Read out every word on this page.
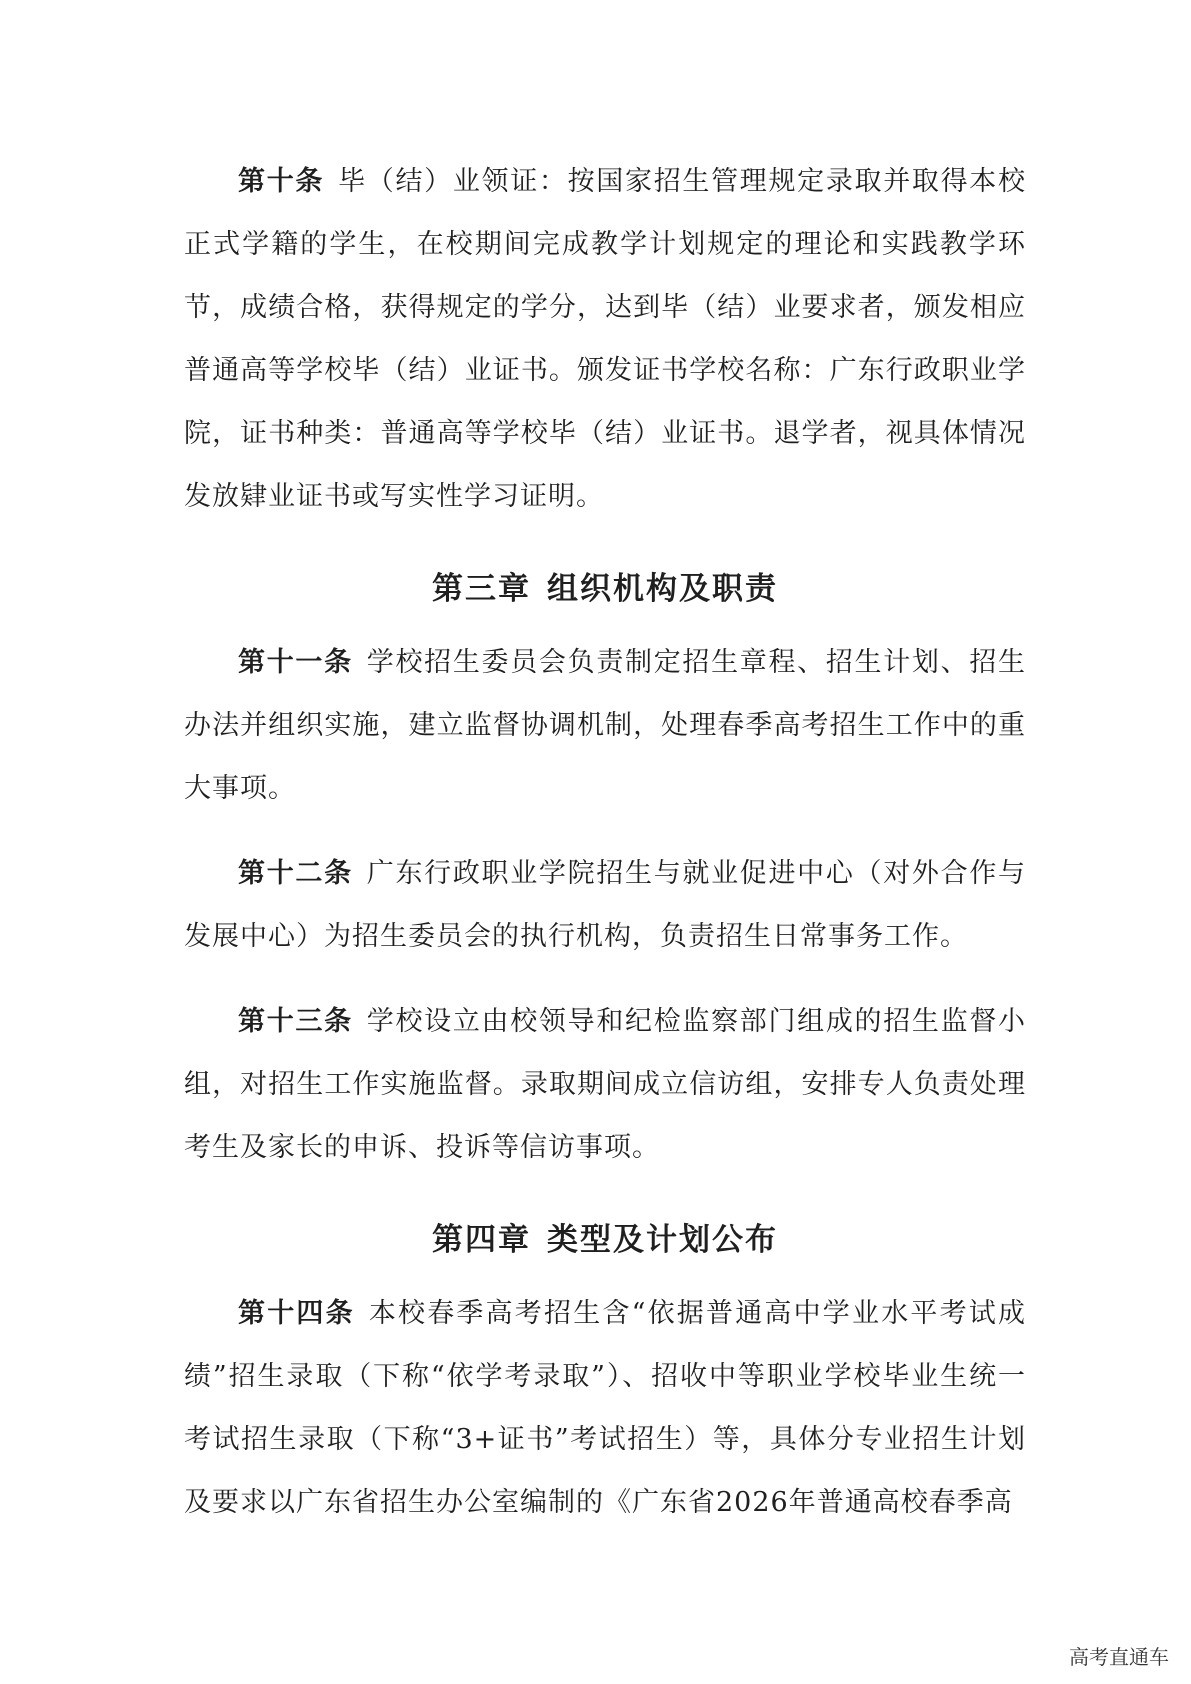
第十条 毕（结）业领证：按国家招生管理规定录取并取得本校正式学籍的学生，在校期间完成教学计划规定的理论和实践教学环节，成绩合格，获得规定的学分，达到毕（结）业要求者，颁发相应普通高等学校毕（结）业证书。颁发证书学校名称：广东行政职业学院，证书种类：普通高等学校毕（结）业证书。退学者，视具体情况发放肄业证书或写实性学习证明。

第三章 组织机构及职责

第十一条 学校招生委员会负责制定招生章程、招生计划、招生办法并组织实施，建立监督协调机制，处理春季高考招生工作中的重大事项。

第十二条 广东行政职业学院招生与就业促进中心（对外合作与发展中心）为招生委员会的执行机构，负责招生日常事务工作。

第十三条 学校设立由校领导和纪检监察部门组成的招生监督小组，对招生工作实施监督。录取期间成立信访组，安排专人负责处理考生及家长的申诉、投诉等信访事项。

第四章 类型及计划公布

第十四条 本校春季高考招生含“依据普通高中学业水平考试成绩”招生录取（下称“依学考录取”）、招收中等职业学校毕业生统一考试招生录取（下称“3+证书”考试招生）等，具体分专业招生计划及要求以广东省招生办公室编制的《广东省2026年普通高校春季高

高考直通车
